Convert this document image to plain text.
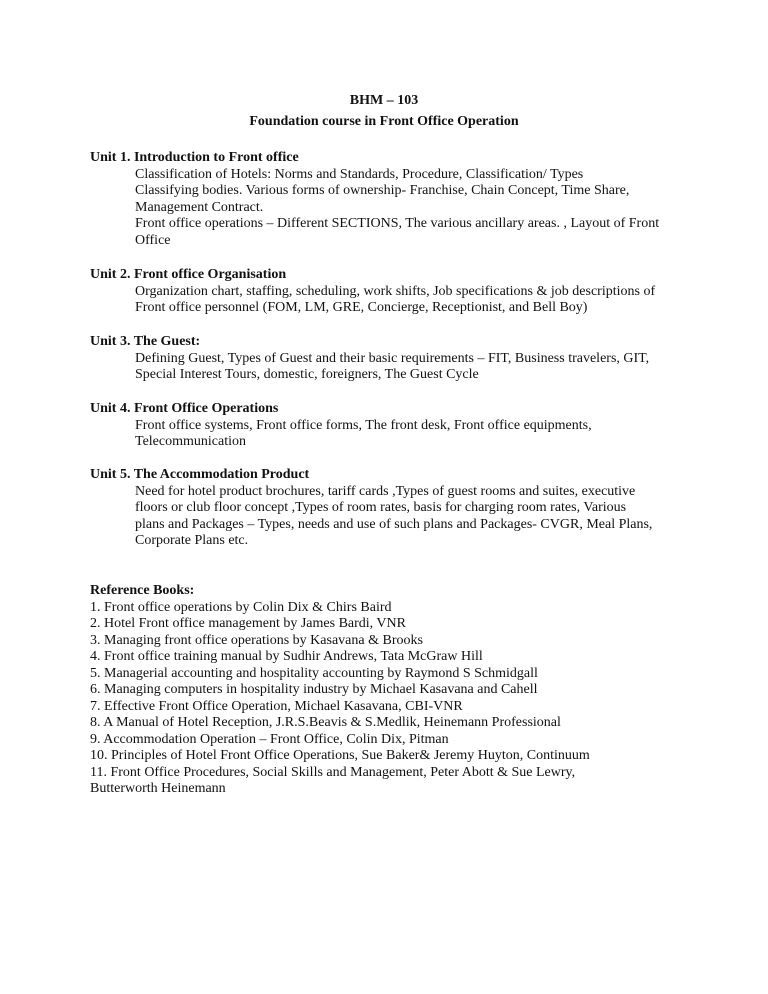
BHM – 103
Foundation course in Front Office Operation
Unit 1. Introduction to Front office

Classification of Hotels: Norms and Standards, Procedure, Classification/ Types

Classifying bodies. Various forms of ownership- Franchise, Chain Concept, Time Share,

Management Contract.

Front office operations – Different SECTIONS, The various ancillary areas. , Layout of Front

Office

Unit 2. Front office Organisation

Organization chart, staffing, scheduling, work shifts, Job specifications & job descriptions of

Front office personnel (FOM, LM, GRE, Concierge, Receptionist, and Bell Boy)

Unit 3. The Guest:

Defining Guest, Types of Guest and their basic requirements – FIT, Business travelers, GIT,

Special Interest Tours, domestic, foreigners, The Guest Cycle

Unit 4. Front Office Operations

Front office systems, Front office forms, The front desk, Front office equipments,

Telecommunication

Unit 5. The Accommodation Product

Need for hotel product brochures, tariff cards ,Types of guest rooms and suites, executive

floors or club floor concept ,Types of room rates, basis for charging room rates, Various

plans and Packages – Types, needs and use of such plans and Packages- CVGR, Meal Plans,

Corporate Plans etc.

Reference Books:
1. Front office operations by Colin Dix & Chirs Baird
2. Hotel Front office management by James Bardi, VNR
3. Managing front office operations by Kasavana & Brooks
4. Front office training manual by Sudhir Andrews, Tata McGraw Hill
5. Managerial accounting and hospitality accounting by Raymond S Schmidgall
6. Managing computers in hospitality industry by Michael Kasavana and Cahell
7. Effective Front Office Operation, Michael Kasavana, CBI-VNR
8. A Manual of Hotel Reception, J.R.S.Beavis & S.Medlik, Heinemann Professional
9. Accommodation Operation – Front Office, Colin Dix, Pitman
10. Principles of Hotel Front Office Operations, Sue Baker& Jeremy Huyton, Continuum
11. Front Office Procedures, Social Skills and Management, Peter Abott & Sue Lewry,
Butterworth Heinemann
